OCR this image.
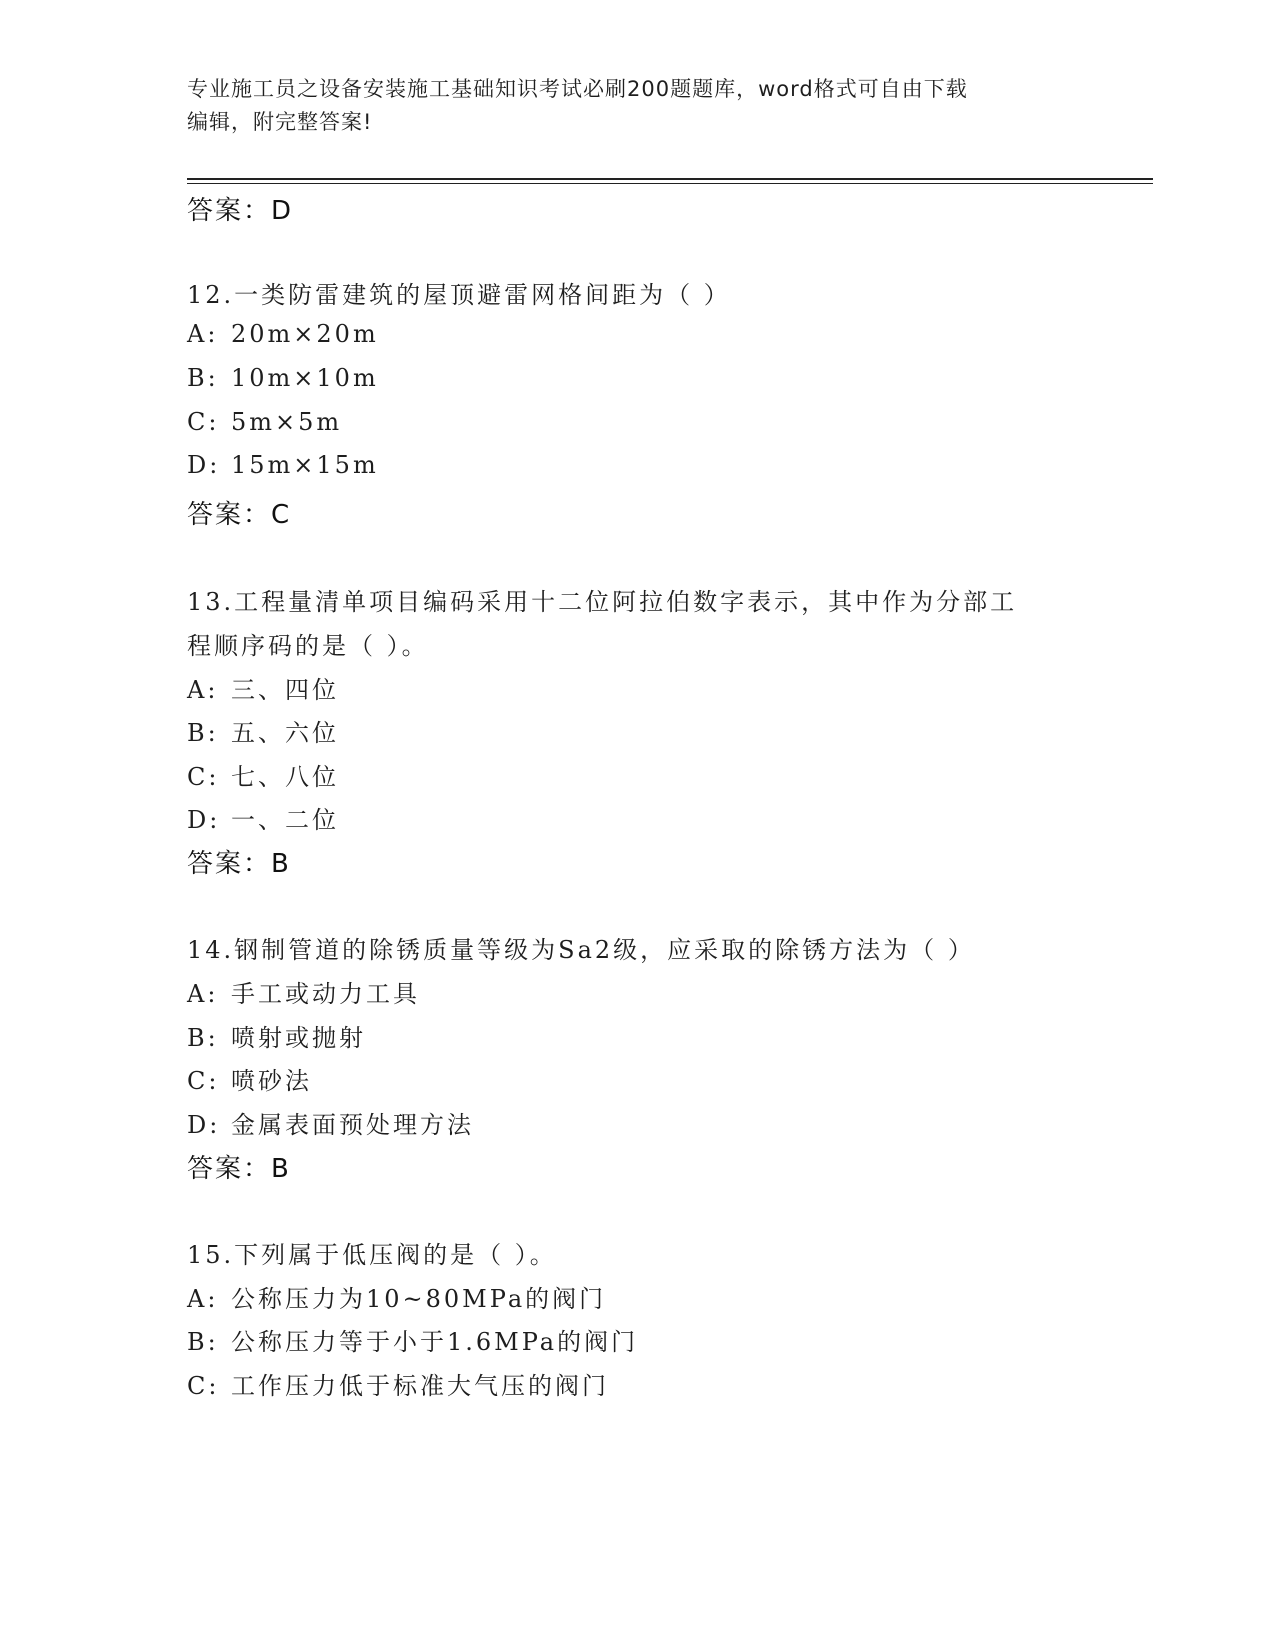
专业施工员之设备安装施工基础知识考试必刷200题题库，word格式可自由下载
编辑，附完整答案!
答案：D
12.一类防雷建筑的屋顶避雷网格间距为（ ）
A: 20m×20m
B: 10m×10m
C: 5m×5m
D: 15m×15m
答案：C
13.工程量清单项目编码采用十二位阿拉伯数字表示，其中作为分部工
程顺序码的是（ ）。
A: 三、四位
B: 五、六位
C: 七、八位
D: 一、二位
答案：B
14.钢制管道的除锈质量等级为Sa2级，应采取的除锈方法为（ ）
A: 手工或动力工具
B: 喷射或抛射
C: 喷砂法
D: 金属表面预处理方法
答案：B
15.下列属于低压阀的是（ ）。
A: 公称压力为10~80MPa的阀门
B: 公称压力等于小于1.6MPa的阀门
C: 工作压力低于标准大气压的阀门
